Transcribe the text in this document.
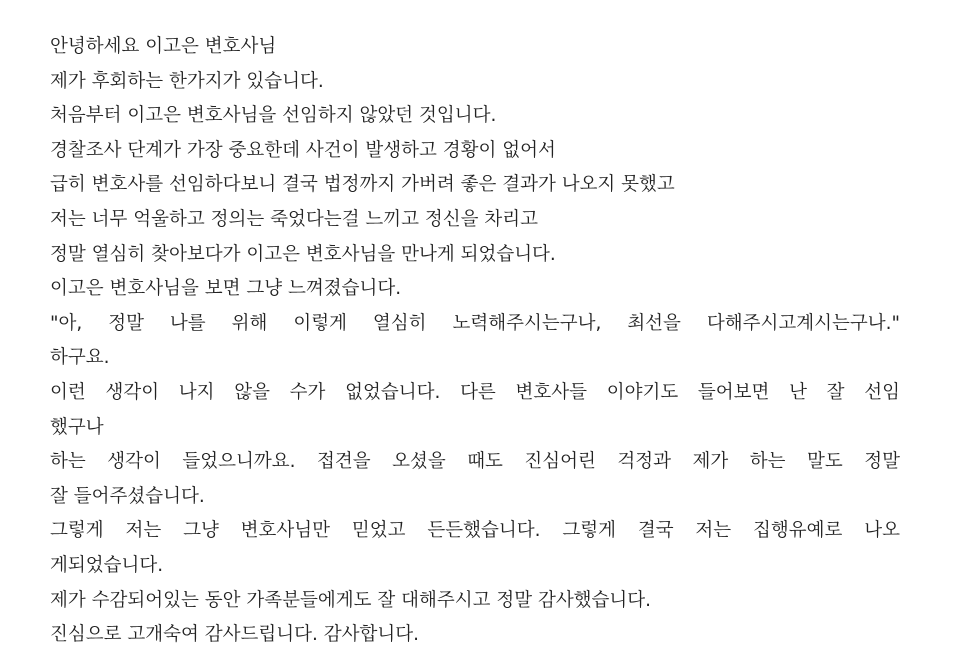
안녕하세요 이고은 변호사님
제가 후회하는 한가지가 있습니다.
처음부터 이고은 변호사님을 선임하지 않았던 것입니다.
경찰조사 단계가 가장 중요한데 사건이 발생하고 경황이 없어서
급히 변호사를 선임하다보니 결국 법정까지 가버려 좋은 결과가 나오지 못했고
저는 너무 억울하고 정의는 죽었다는걸 느끼고 정신을 차리고
정말 열심히 찾아보다가 이고은 변호사님을 만나게 되었습니다.
이고은 변호사님을 보면 그냥 느껴졌습니다.
"아, 정말 나를 위해 이렇게 열심히 노력해주시는구나, 최선을 다해주시고계시는구나."
하구요.
이런 생각이 나지 않을 수가 없었습니다. 다른 변호사들 이야기도 들어보면 난 잘 선임
했구나
하는 생각이 들었으니까요. 접견을 오셨을 때도 진심어린 걱정과 제가 하는 말도 정말
잘 들어주셨습니다.
그렇게 저는 그냥 변호사님만 믿었고 든든했습니다. 그렇게 결국 저는 집행유예로 나오
게되었습니다.
제가 수감되어있는 동안 가족분들에게도 잘 대해주시고 정말 감사했습니다.
진심으로 고개숙여 감사드립니다. 감사합니다.
